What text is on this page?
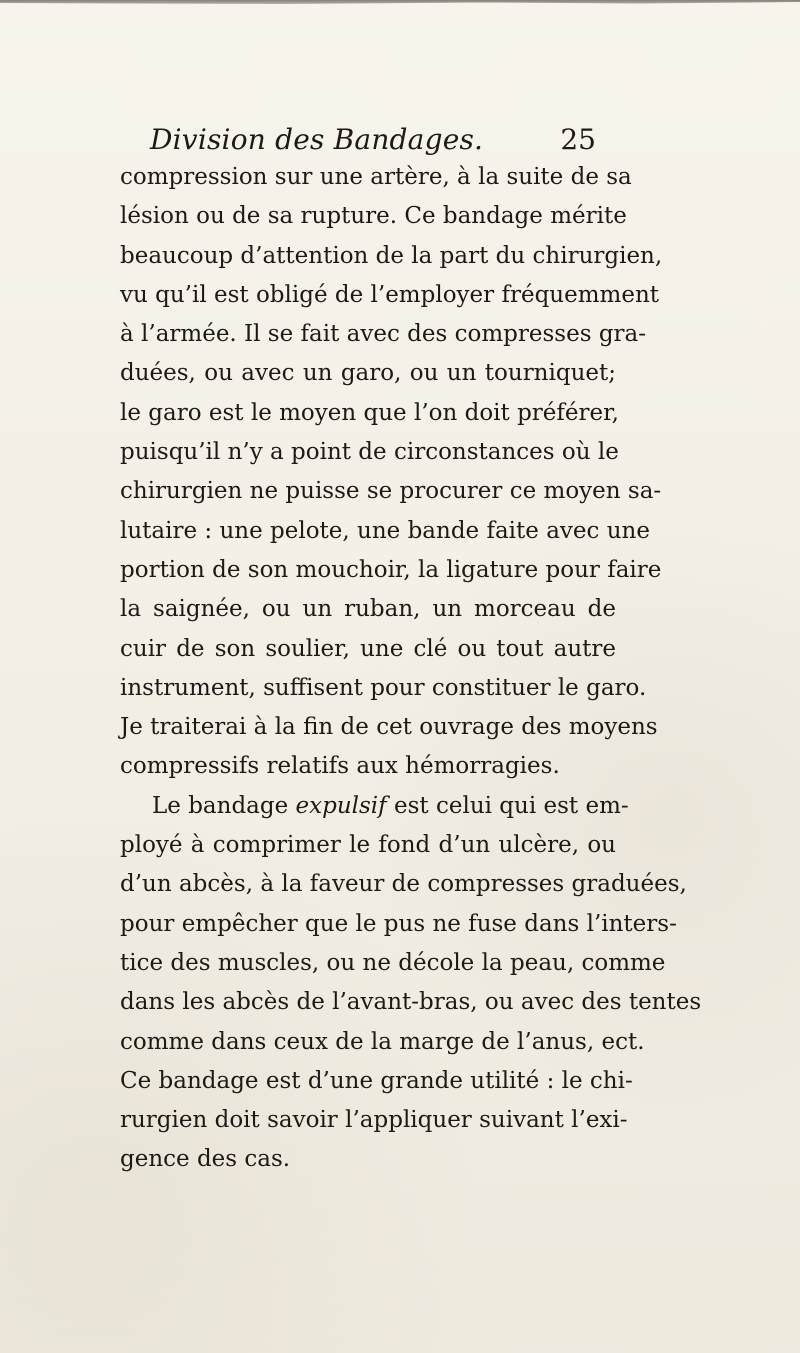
Division des Bandages.	25
compression sur une artère, à la suite de sa
lésion ou de sa rupture. Ce bandage mérite
beaucoup d’attention de la part du chirurgien,
vu qu’il est obligé de l’employer fréquemment
à l’armée. Il se fait avec des compresses gra-
duées, ou avec un garo, ou un tourniquet;
le garo est le moyen que l’on doit préférer,
puisqu’il n’y a point de circonstances où le
chirurgien ne puisse se procurer ce moyen sa-
lutaire : une pelote, une bande faite avec une
portion de son mouchoir, la ligature pour faire
la saignée, ou un ruban, un morceau de
cuir de son soulier, une clé ou tout autre
instrument, suffisent pour constituer le garo.
Je traiterai à la fin de cet ouvrage des moyens
compressifs relatifs aux hémorragies.
Le bandage expulsif est celui qui est em-
ployé à comprimer le fond d’un ulcère, ou
d’un abcès, à la faveur de compresses graduées,
pour empêcher que le pus ne fuse dans l’inters-
tice des muscles, ou ne décole la peau, comme
dans les abcès de l’avant-bras, ou avec des tentes
comme dans ceux de la marge de l’anus, ect.
Ce bandage est d’une grande utilité : le chi-
rurgien doit savoir l’appliquer suivant l’exi-
gence des cas.
